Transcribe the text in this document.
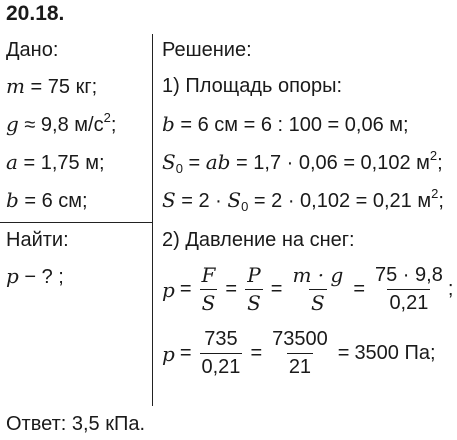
20.18.
Дано:
m = 75 кг;
g ≈ 9,8 $м/с^2$;
a = 1,75 м;
b = 6 см;
Найти:
p − ? ;
Решение:
1) Площадь опоры:
b = 6 см = 6 : 100 = 0,06 м;
$S_0$ = ab = 1,7 · 0,06 = 0,102 $м^2$;
$S = 2 \cdot S_0 = 2 \cdot 0,102 = 0,21$ $м^2$;
2) Давление на снег:
$p = \frac{F}{S} = \frac{P}{S} = \frac{m \cdot g}{S} = \frac{75 \cdot 9,8}{0,21}$ ;
$p = \frac{735}{0,21} = \frac{73500}{21} = 3500$ Па;
Ответ: 3,5 кПа.
